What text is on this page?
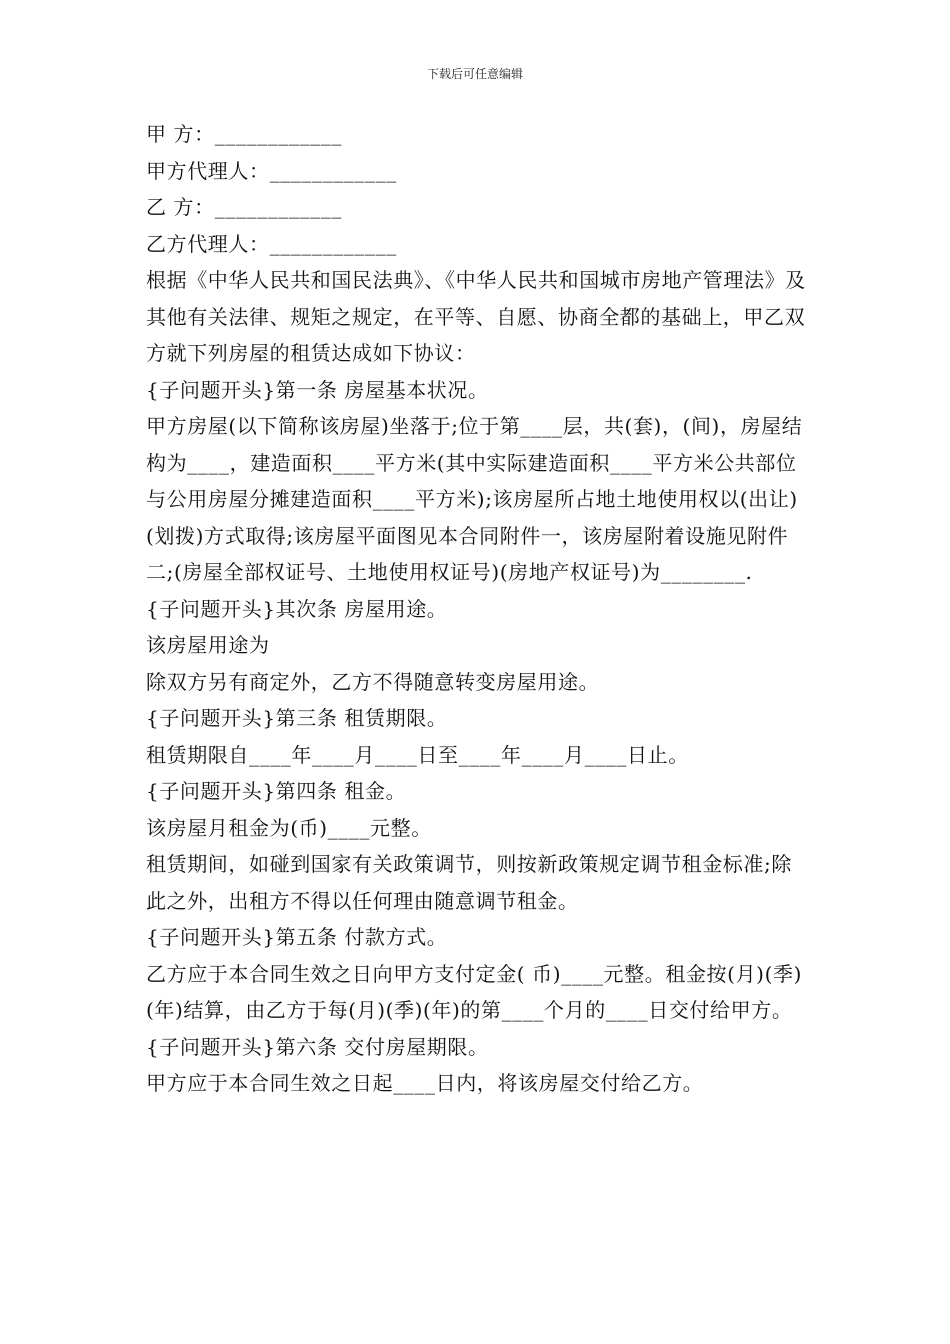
下载后可任意编辑

甲 方：____________

甲方代理人：____________

乙 方：____________

乙方代理人：____________

根据《中华人民共和国民法典》、《中华人民共和国城市房地产管理法》及其他有关法律、规矩之规定，在平等、自愿、协商全都的基础上，甲乙双方就下列房屋的租赁达成如下协议：

{子问题开头}第一条 房屋基本状况。

甲方房屋(以下简称该房屋)坐落于;位于第____层，共(套)，(间)，房屋结构为____，建造面积____平方米(其中实际建造面积____平方米公共部位与公用房屋分摊建造面积____平方米);该房屋所占地土地使用权以(出让)(划拨)方式取得;该房屋平面图见本合同附件一，该房屋附着设施见附件二;(房屋全部权证号、土地使用权证号)(房地产权证号)为________.

{子问题开头}其次条 房屋用途。

该房屋用途为

除双方另有商定外，乙方不得随意转变房屋用途。

{子问题开头}第三条 租赁期限。

租赁期限自____年____月____日至____年____月____日止。

{子问题开头}第四条 租金。

该房屋月租金为(币)____元整。

租赁期间，如碰到国家有关政策调节，则按新政策规定调节租金标准;除此之外，出租方不得以任何理由随意调节租金。

{子问题开头}第五条 付款方式。

乙方应于本合同生效之日向甲方支付定金( 币)____元整。租金按(月)(季)(年)结算，由乙方于每(月)(季)(年)的第____个月的____日交付给甲方。

{子问题开头}第六条 交付房屋期限。

甲方应于本合同生效之日起____日内，将该房屋交付给乙方。
